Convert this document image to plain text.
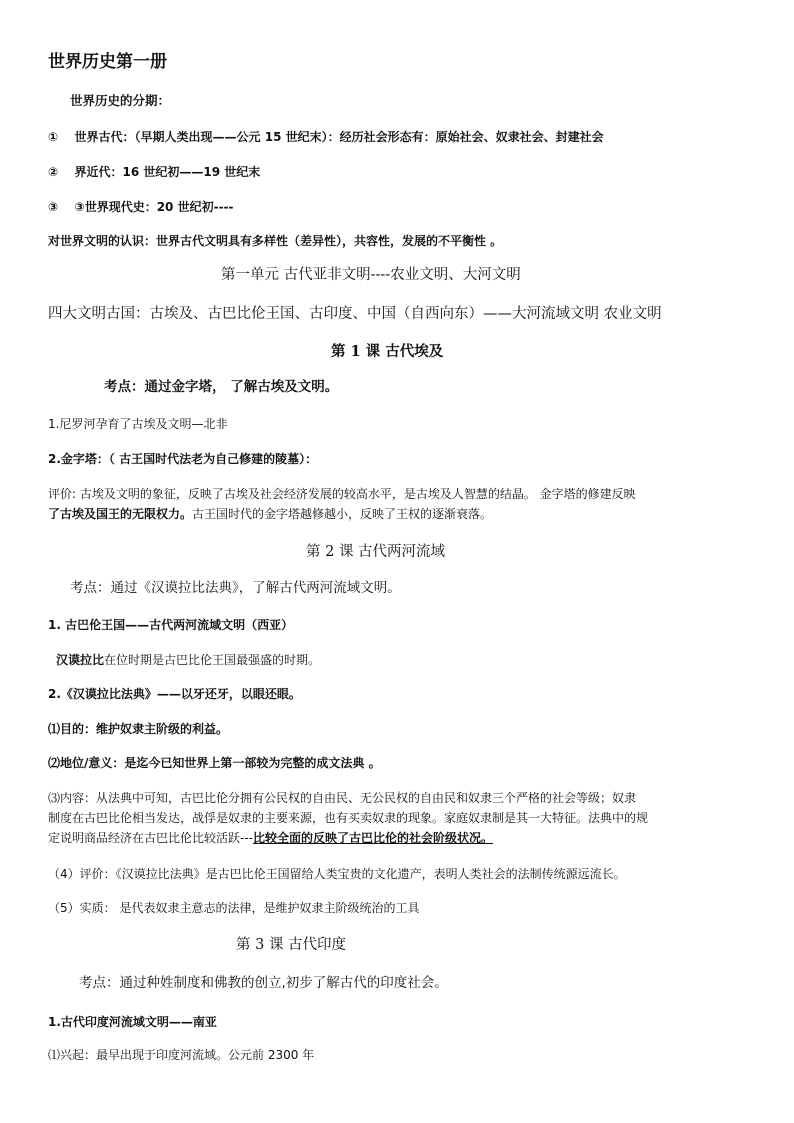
世界历史第一册
世界历史的分期：
① 世界古代：（早期人类出现——公元 15 世纪末）：经历社会形态有：原始社会、奴隶社会、封建社会
② 界近代：16 世纪初——19 世纪末
③ ③世界现代史：20 世纪初----
对世界文明的认识：世界古代文明具有多样性（差异性），共容性，发展的不平衡性 。
第一单元 古代亚非文明----农业文明、大河文明
四大文明古国：古埃及、古巴比伦王国、古印度、中国（自西向东）——大河流域文明 农业文明
第 1 课 古代埃及
考点：通过金字塔， 了解古埃及文明。
1.尼罗河孕育了古埃及文明—北非
2.金字塔：（ 古王国时代法老为自己修建的陵墓）：
评价: 古埃及文明的象征，反映了古埃及社会经济发展的较高水平，是古埃及人智慧的结晶。 金字塔的修建反映
了古埃及国王的无限权力。古王国时代的金字塔越修越小，反映了王权的逐渐衰落。
第 2 课 古代两河流域
考点：通过《汉谟拉比法典》，了解古代两河流域文明。
1. 古巴伦王国——古代两河流域文明（西亚）
汉谟拉比在位时期是古巴比伦王国最强盛的时期。
2.《汉谟拉比法典》——以牙还牙，以眼还眼。
⑴目的：维护奴隶主阶级的利益。
⑵地位/意义：是迄今已知世界上第一部较为完整的成文法典 。
⑶内容：从法典中可知，古巴比伦分拥有公民权的自由民、无公民权的自由民和奴隶三个严格的社会等级；奴隶
制度在古巴比伦相当发达，战俘是奴隶的主要来源，也有买卖奴隶的现象。家庭奴隶制是其一大特征。法典中的规
定说明商品经济在古巴比伦比较活跃---比较全面的反映了古巴比伦的社会阶级状况。
（4）评价：《汉谟拉比法典》是古巴比伦王国留给人类宝贵的文化遗产，表明人类社会的法制传统源远流长。
（5）实质： 是代表奴隶主意志的法律，是维护奴隶主阶级统治的工具
第 3 课 古代印度
考点：通过种姓制度和佛教的创立,初步了解古代的印度社会。
1.古代印度河流域文明——南亚
⑴兴起：最早出现于印度河流域。公元前 2300 年
